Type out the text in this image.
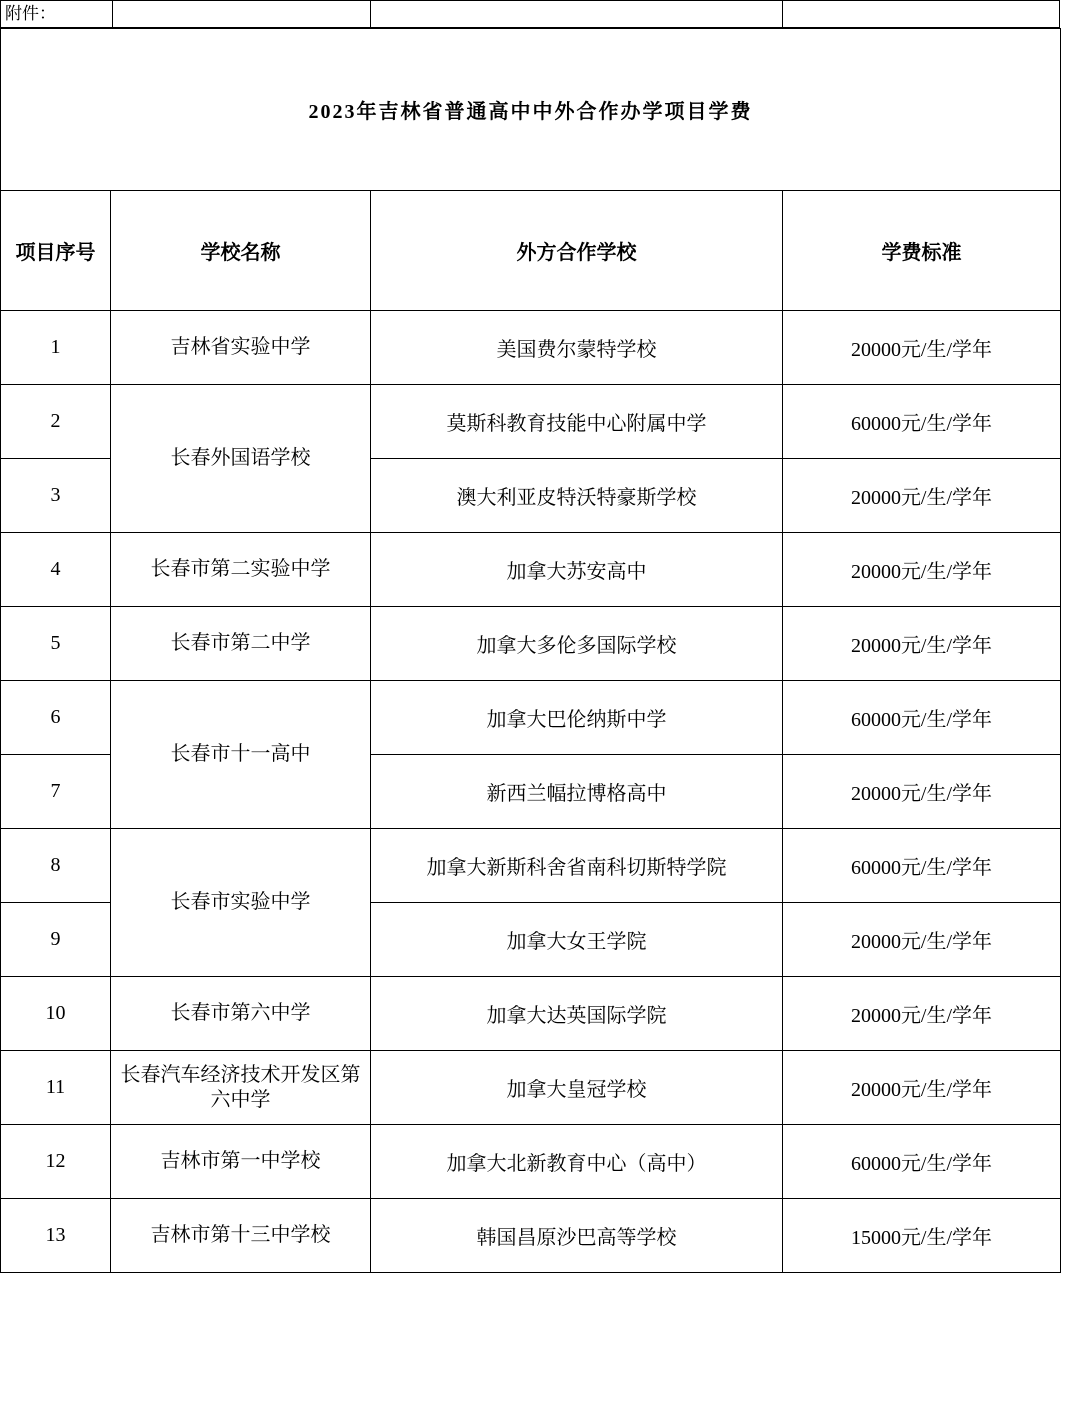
附件：
2023年吉林省普通高中中外合作办学项目学费			
项目序号	学校名称	外方合作学校	学费标准
1	吉林省实验中学	美国费尔蒙特学校	20000元/生/学年
2	长春外国语学校	莫斯科教育技能中心附属中学	60000元/生/学年
3		澳大利亚皮特沃特豪斯学校	20000元/生/学年
4	长春市第二实验中学	加拿大苏安高中	20000元/生/学年
5	长春市第二中学	加拿大多伦多国际学校	20000元/生/学年
6	长春市十一高中	加拿大巴伦纳斯中学	60000元/生/学年
7		新西兰幅拉博格高中	20000元/生/学年
8	长春市实验中学	加拿大新斯科舍省南科切斯特学院	60000元/生/学年
9		加拿大女王学院	20000元/生/学年
10	长春市第六中学	加拿大达英国际学院	20000元/生/学年
11	长春汽车经济技术开发区第六中学	加拿大皇冠学校	20000元/生/学年
12	吉林市第一中学校	加拿大北新教育中心（高中）	60000元/生/学年
13	吉林市第十三中学校	韩国昌原沙巴高等学校	15000元/生/学年
